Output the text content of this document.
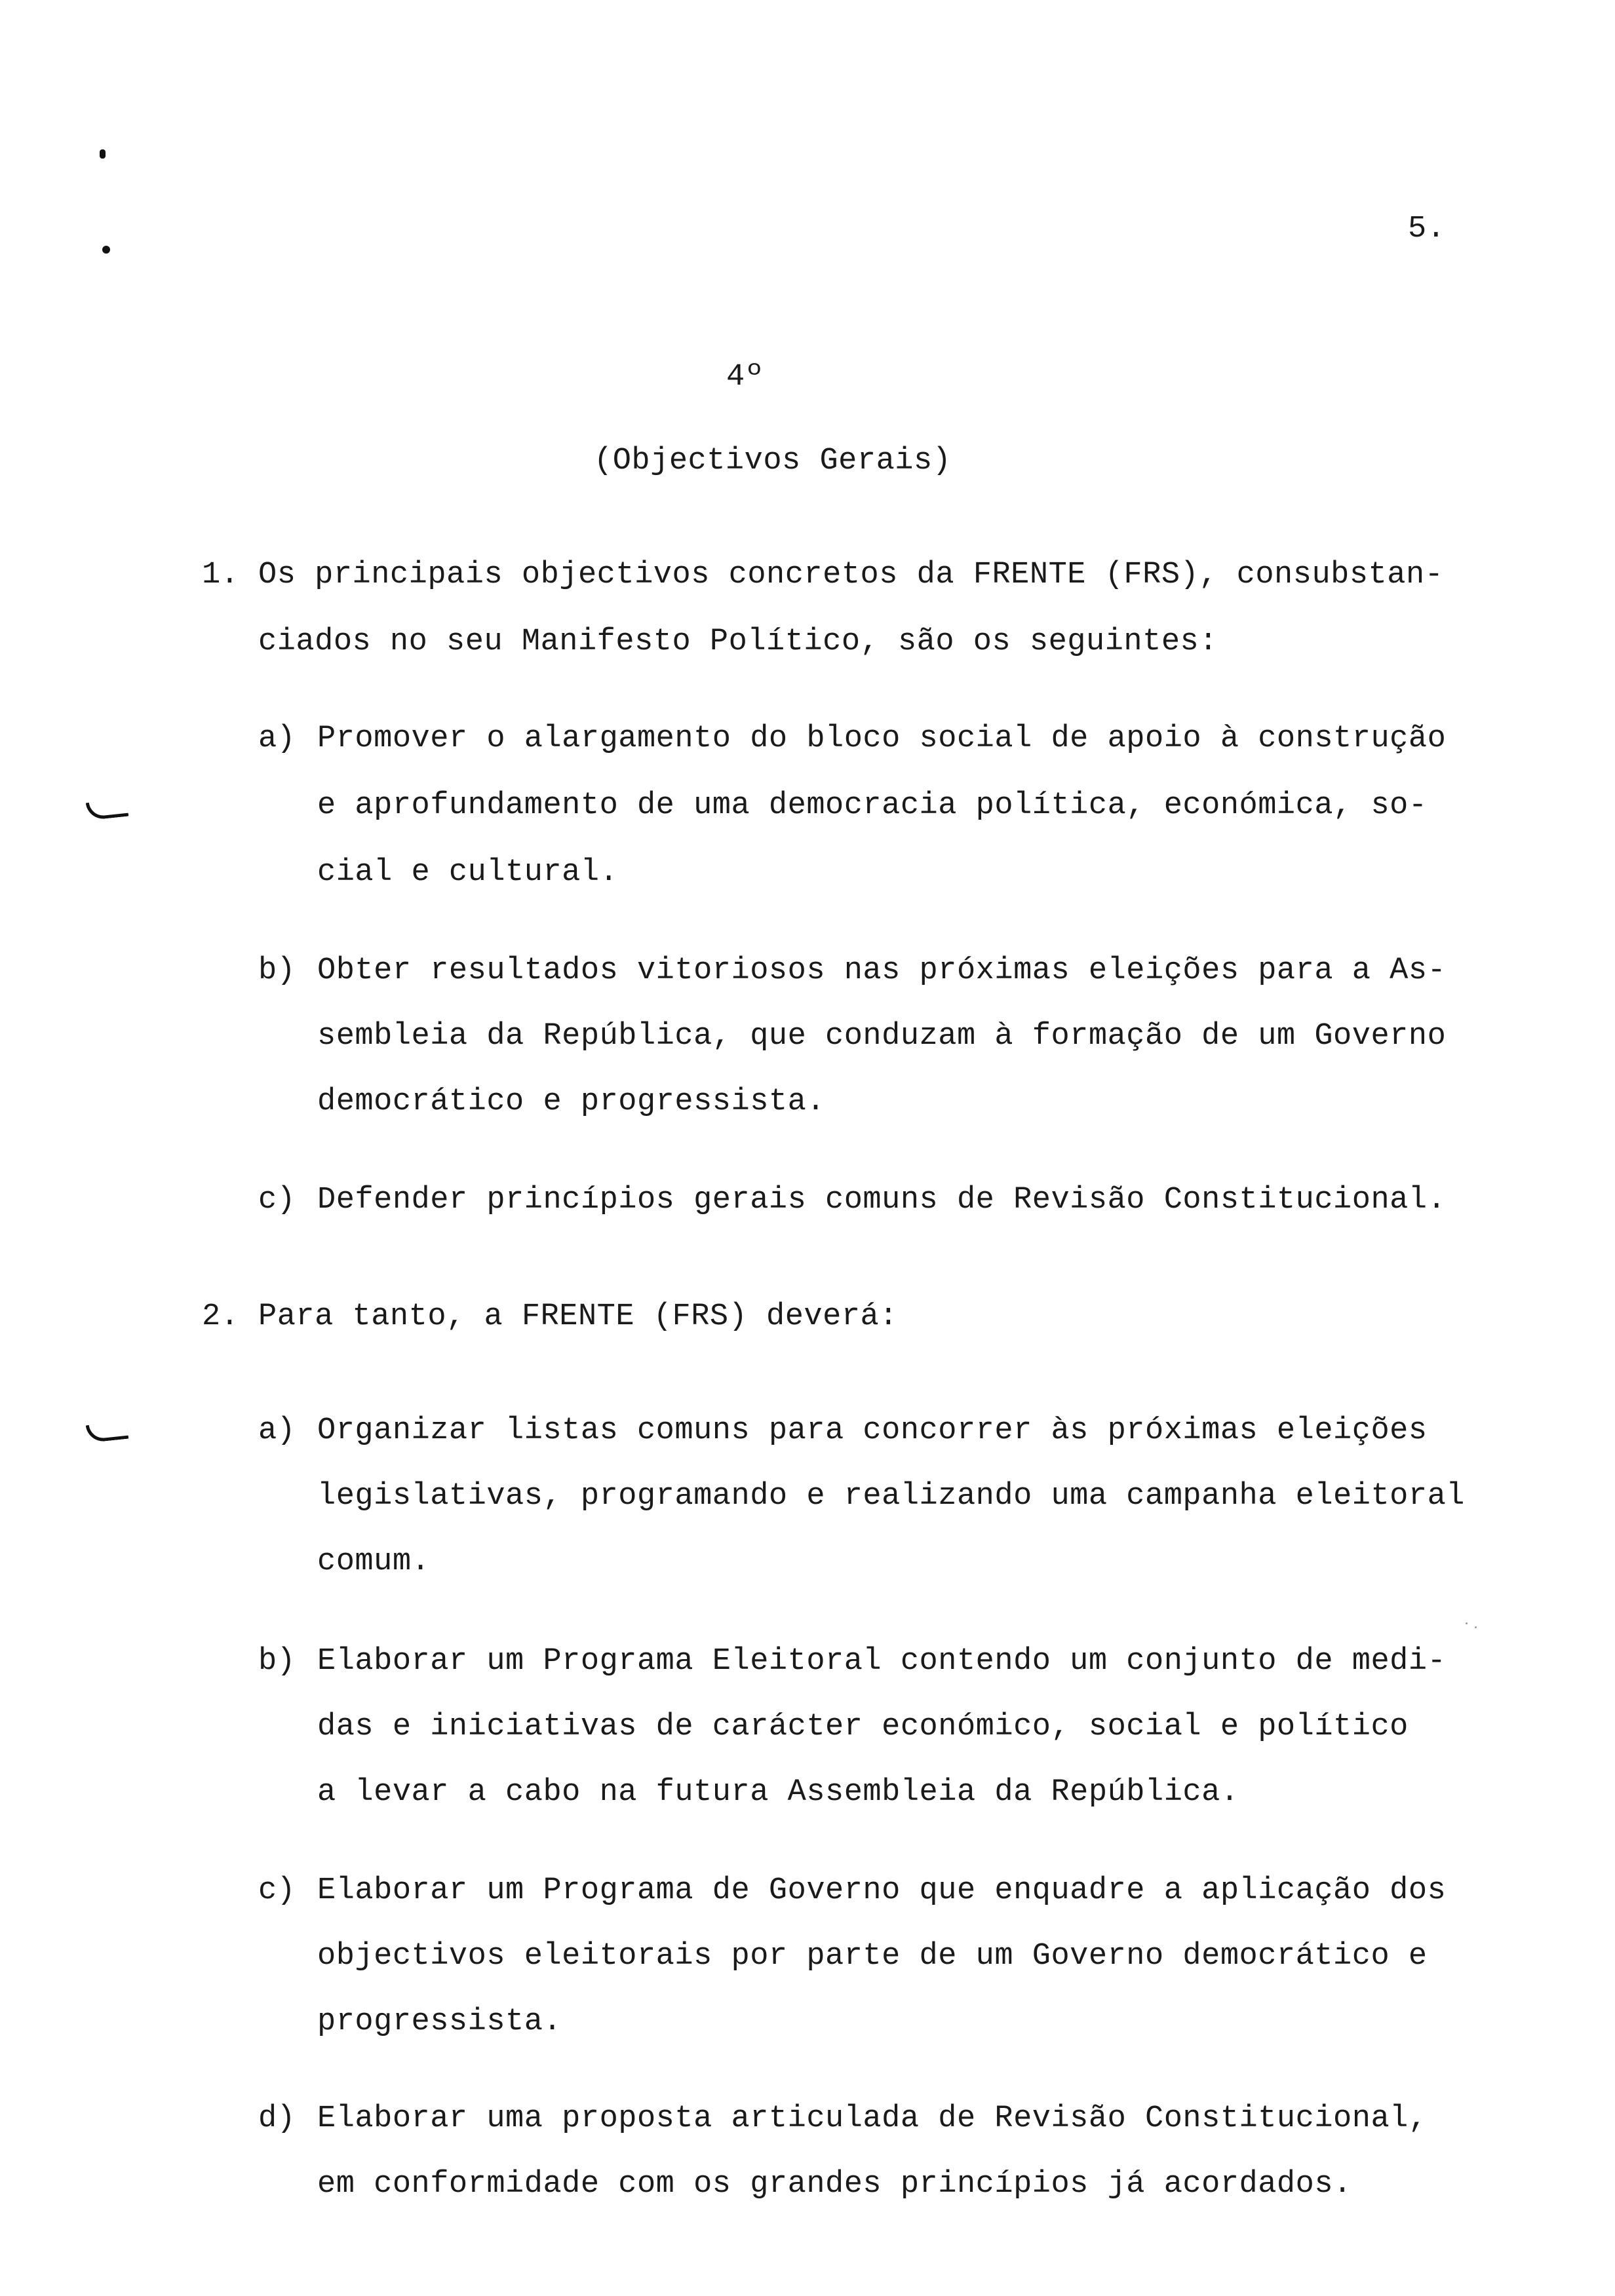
5.
4º
(Objectivos Gerais)
1. Os principais objectivos concretos da FRENTE (FRS), consubstan-
ciados no seu Manifesto Político, são os seguintes:
a) Promover o alargamento do bloco social de apoio à construção
e aprofundamento de uma democracia política, económica, so-
cial e cultural.
b) Obter resultados vitoriosos nas próximas eleições para a As-
sembleia da República, que conduzam à formação de um Governo
democrático e progressista.
c) Defender princípios gerais comuns de Revisão Constitucional.
2. Para tanto, a FRENTE (FRS) deverá:
a) Organizar listas comuns para concorrer às próximas eleições
legislativas, programando e realizando uma campanha eleitoral
comum.
b) Elaborar um Programa Eleitoral contendo um conjunto de medi-
das e iniciativas de carácter económico, social e político
a levar a cabo na futura Assembleia da República.
c) Elaborar um Programa de Governo que enquadre a aplicação dos
objectivos eleitorais por parte de um Governo democrático e
progressista.
d) Elaborar uma proposta articulada de Revisão Constitucional,
em conformidade com os grandes princípios já acordados.
